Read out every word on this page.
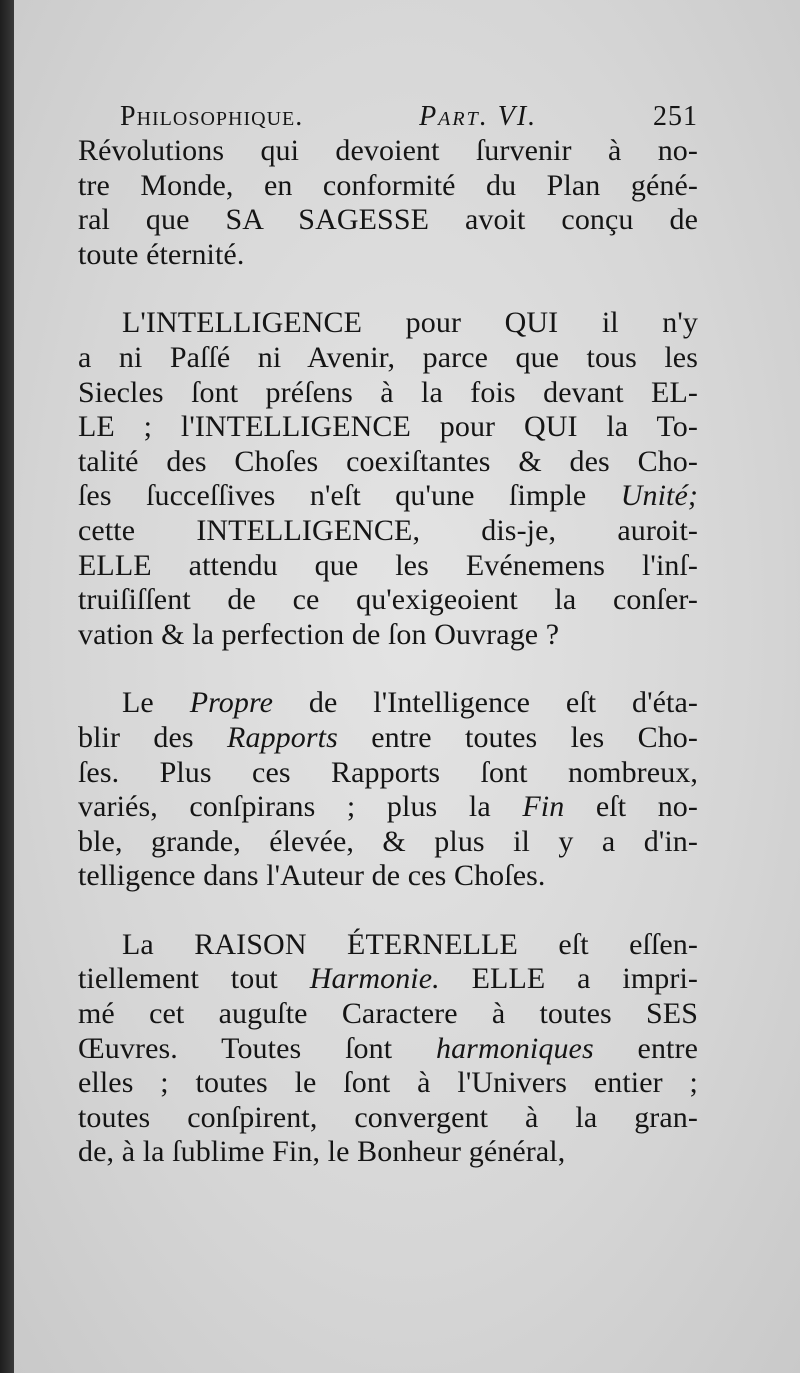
Philosophique.	Part. VI.	251
Révolutions qui devoient ſurvenir à no-
tre Monde, en conformité du Plan géné-
ral que SA SAGESSE avoit conçu de
toute éternité.
L'INTELLIGENCE pour QUI il n'y
a ni Paſſé ni Avenir, parce que tous les
Siecles ſont préſens à la fois devant EL-
LE ; l'INTELLIGENCE pour QUI la To-
talité des Choſes coexiſtantes & des Cho-
ſes ſucceſſives n'eſt qu'une ſimple Unité;
cette INTELLIGENCE, dis-je, auroit-
ELLE attendu que les Evénemens l'inſ-
truiſiſſent de ce qu'exigeoient la conſer-
vation & la perfection de ſon Ouvrage ?
Le Propre de l'Intelligence eſt d'éta-
blir des Rapports entre toutes les Cho-
ſes. Plus ces Rapports ſont nombreux,
variés, conſpirans ; plus la Fin eſt no-
ble, grande, élevée, & plus il y a d'in-
telligence dans l'Auteur de ces Choſes.
La RAISON ÉTERNELLE eſt eſſen-
tiellement tout Harmonie. ELLE a impri-
mé cet auguſte Caractere à toutes SES
Œuvres. Toutes ſont harmoniques entre
elles ; toutes le ſont à l'Univers entier ;
toutes conſpirent, convergent à la gran-
de, à la ſublime Fin, le Bonheur général,
